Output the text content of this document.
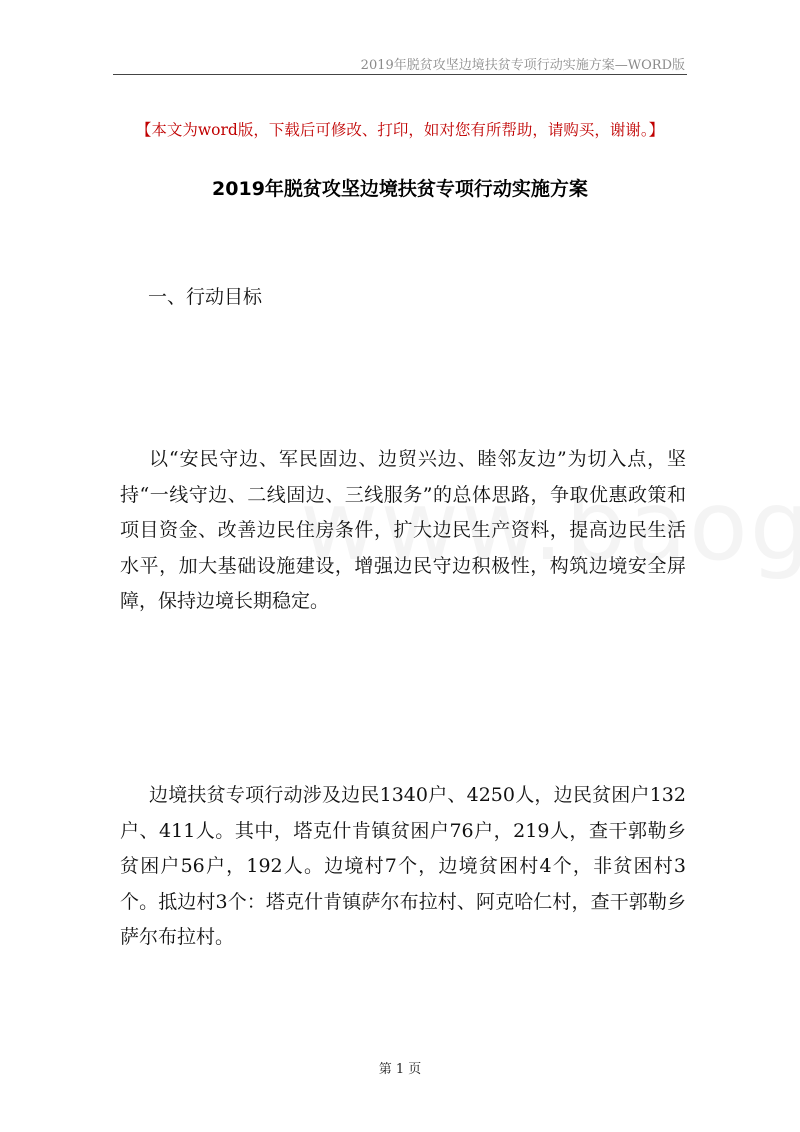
2019年脱贫攻坚边境扶贫专项行动实施方案—WORD版
【本文为word版，下载后可修改、打印，如对您有所帮助，请购买，谢谢。】
2019年脱贫攻坚边境扶贫专项行动实施方案
一、行动目标

以“安民守边、军民固边、边贸兴边、睦邻友边”为切入点，坚持“一线守边、二线固边、三线服务”的总体思路，争取优惠政策和项目资金、改善边民住房条件，扩大边民生产资料，提高边民生活水平，加大基础设施建设，增强边民守边积极性，构筑边境安全屏障，保持边境长期稳定。

边境扶贫专项行动涉及边民1340户、4250人，边民贫困户132户、411人。其中，塔克什肯镇贫困户76户，219人，查干郭勒乡贫困户56户，192人。边境村7个，边境贫困村4个，非贫困村3个。抵边村3个：塔克什肯镇萨尔布拉村、阿克哈仁村，查干郭勒乡萨尔布拉村。

第 1 页
